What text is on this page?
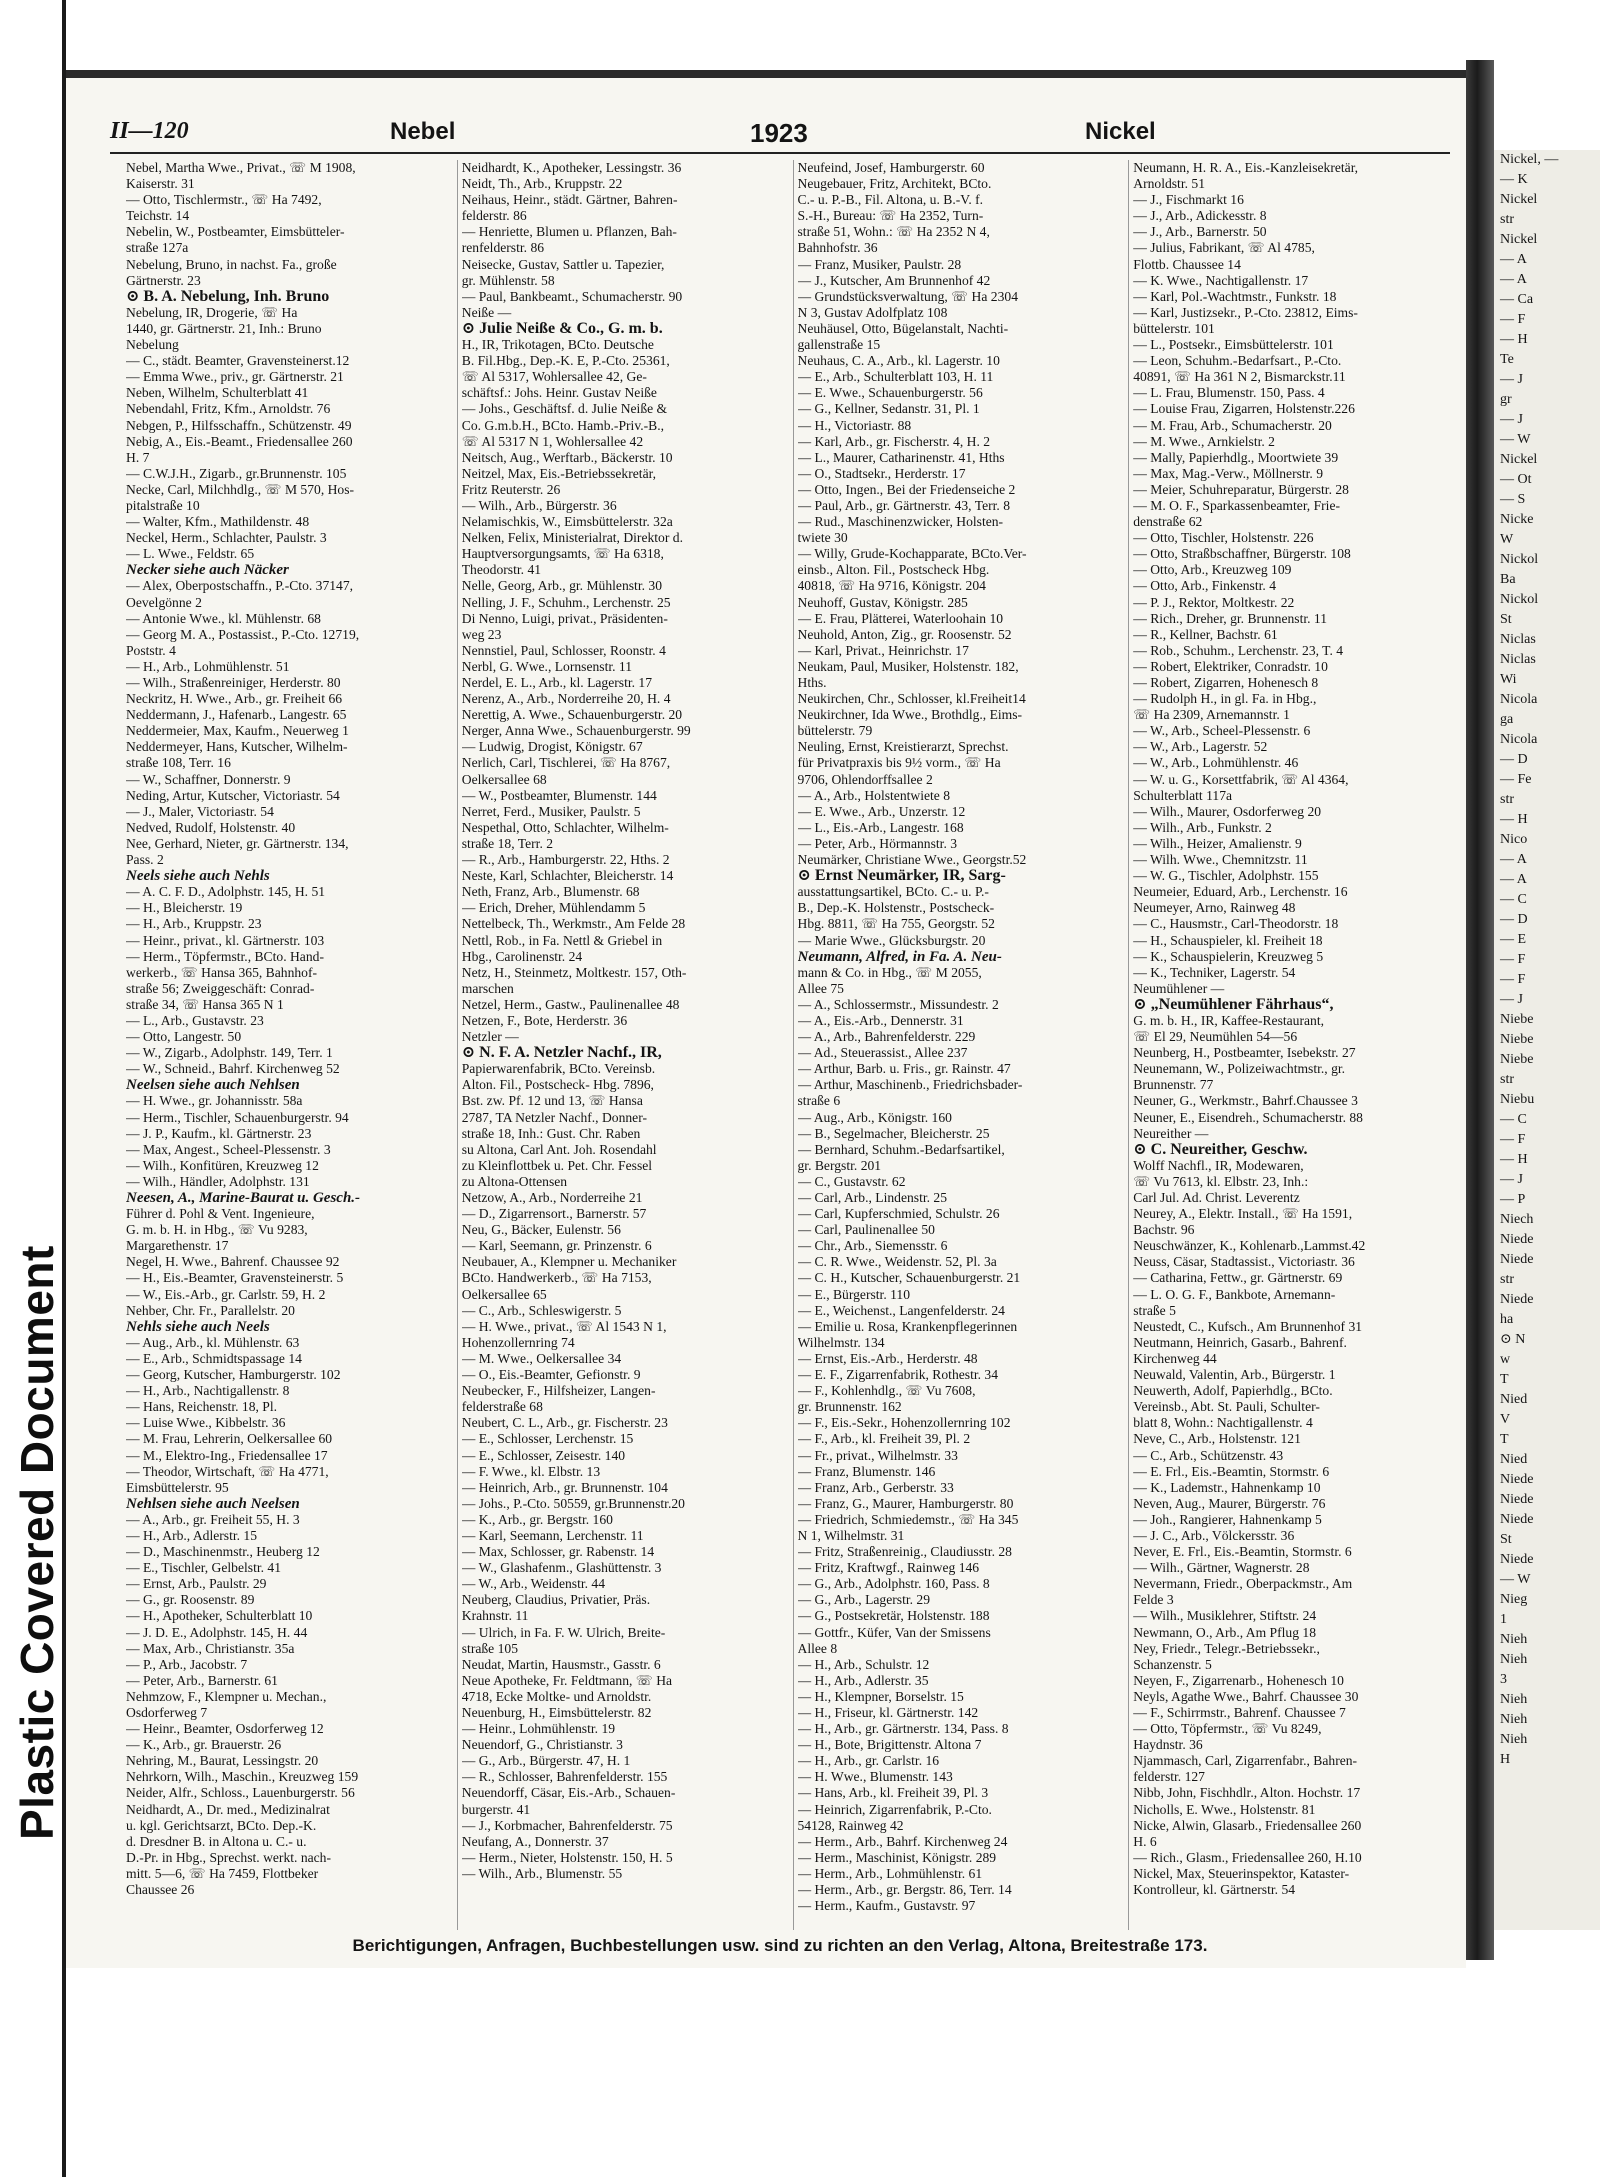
Plastic Covered Document
II—120	Nebel	1923	Nickel
Nebel, Martha Wwe., Privat., ☏ M 1908,
Kaiserstr. 31
— Otto, Tischlermstr., ☏ Ha 7492,
Teichstr. 14
Nebelin, W., Postbeamter, Eimsbütteler-
straße 127a
Nebelung, Bruno, in nachst. Fa., große
Gärtnerstr. 23
⊙ B. A. Nebelung, Inh. Bruno
Nebelung, IR, Drogerie, ☏ Ha
1440, gr. Gärtnerstr. 21, Inh.: Bruno
Nebelung
— C., städt. Beamter, Gravensteinerst.12
— Emma Wwe., priv., gr. Gärtnerstr. 21
Neben, Wilhelm, Schulterblatt 41
Nebendahl, Fritz, Kfm., Arnoldstr. 76
Nebgen, P., Hilfsschaffn., Schützenstr. 49
Nebig, A., Eis.-Beamt., Friedensallee 260
H. 7
— C.W.J.H., Zigarb., gr.Brunnenstr. 105
Necke, Carl, Milchhdlg., ☏ M 570, Hos-
pitalstraße 10
— Walter, Kfm., Mathildenstr. 48
Neckel, Herm., Schlachter, Paulstr. 3
— L. Wwe., Feldstr. 65
Necker siehe auch Näcker
— Alex, Oberpostschaffn., P.-Cto. 37147,
Oevelgönne 2
— Antonie Wwe., kl. Mühlenstr. 68
— Georg M. A., Postassist., P.-Cto. 12719,
Poststr. 4
— H., Arb., Lohmühlenstr. 51
— Wilh., Straßenreiniger, Herderstr. 80
Neckritz, H. Wwe., Arb., gr. Freiheit 66
Neddermann, J., Hafenarb., Langestr. 65
Neddermeier, Max, Kaufm., Neuerweg 1
Neddermeyer, Hans, Kutscher, Wilhelm-
straße 108, Terr. 16
— W., Schaffner, Donnerstr. 9
Neding, Artur, Kutscher, Victoriastr. 54
— J., Maler, Victoriastr. 54
Nedved, Rudolf, Holstenstr. 40
Nee, Gerhard, Nieter, gr. Gärtnerstr. 134,
Pass. 2
Neels siehe auch Nehls
— A. C. F. D., Adolphstr. 145, H. 51
— H., Bleicherstr. 19
— H., Arb., Kruppstr. 23
— Heinr., privat., kl. Gärtnerstr. 103
— Herm., Töpfermstr., BCto. Hand-
werkerb., ☏ Hansa 365, Bahnhof-
straße 56; Zweiggeschäft: Conrad-
straße 34, ☏ Hansa 365 N 1
— L., Arb., Gustavstr. 23
— Otto, Langestr. 50
— W., Zigarb., Adolphstr. 149, Terr. 1
— W., Schneid., Bahrf. Kirchenweg 52
Neelsen siehe auch Nehlsen
— H. Wwe., gr. Johannisstr. 58a
— Herm., Tischler, Schauenburgerstr. 94
— J. P., Kaufm., kl. Gärtnerstr. 23
— Max, Angest., Scheel-Plessenstr. 3
— Wilh., Konfitüren, Kreuzweg 12
— Wilh., Händler, Adolphstr. 131
Neesen, A., Marine-Baurat u. Gesch.-
Führer d. Pohl & Vent. Ingenieure,
G. m. b. H. in Hbg., ☏ Vu 9283,
Margarethenstr. 17
Negel, H. Wwe., Bahrenf. Chaussee 92
— H., Eis.-Beamter, Gravensteinerstr. 5
— W., Eis.-Arb., gr. Carlstr. 59, H. 2
Nehber, Chr. Fr., Parallelstr. 20
Nehls siehe auch Neels
— Aug., Arb., kl. Mühlenstr. 63
— E., Arb., Schmidtspassage 14
— Georg, Kutscher, Hamburgerstr. 102
— H., Arb., Nachtigallenstr. 8
— Hans, Reichenstr. 18, Pl.
— Luise Wwe., Kibbelstr. 36
— M. Frau, Lehrerin, Oelkersallee 60
— M., Elektro-Ing., Friedensallee 17
— Theodor, Wirtschaft, ☏ Ha 4771,
Eimsbüttelerstr. 95
Nehlsen siehe auch Neelsen
— A., Arb., gr. Freiheit 55, H. 3
— H., Arb., Adlerstr. 15
— D., Maschinenmstr., Heuberg 12
— E., Tischler, Gelbelstr. 41
— Ernst, Arb., Paulstr. 29
— G., gr. Roosenstr. 89
— H., Apotheker, Schulterblatt 10
— J. D. E., Adolphstr. 145, H. 44
— Max, Arb., Christianstr. 35a
— P., Arb., Jacobstr. 7
— Peter, Arb., Barnerstr. 61
Nehmzow, F., Klempner u. Mechan.,
Osdorferweg 7
— Heinr., Beamter, Osdorferweg 12
— K., Arb., gr. Brauerstr. 26
Nehring, M., Baurat, Lessingstr. 20
Nehrkorn, Wilh., Maschin., Kreuzweg 159
Neider, Alfr., Schloss., Lauenburgerstr. 56
Neidhardt, A., Dr. med., Medizinalrat
u. kgl. Gerichtsarzt, BCto. Dep.-K.
d. Dresdner B. in Altona u. C.- u.
D.-Pr. in Hbg., Sprechst. werkt. nach-
mitt. 5—6, ☏ Ha 7459, Flottbeker
Chaussee 26
Neidhardt, K., Apotheker, Lessingstr. 36
Neidt, Th., Arb., Kruppstr. 22
Neihaus, Heinr., städt. Gärtner, Bahren-
felderstr. 86
— Henriette, Blumen u. Pflanzen, Bah-
renfelderstr. 86
Neisecke, Gustav, Sattler u. Tapezier,
gr. Mühlenstr. 58
— Paul, Bankbeamt., Schumacherstr. 90
Neiße —
⊙ Julie Neiße & Co., G. m. b.
H., IR, Trikotagen, BCto. Deutsche
B. Fil.Hbg., Dep.-K. E, P.-Cto. 25361,
☏ Al 5317, Wohlersallee 42, Ge-
schäftsf.: Johs. Heinr. Gustav Neiße
— Johs., Geschäftsf. d. Julie Neiße &
Co. G.m.b.H., BCto. Hamb.-Priv.-B.,
☏ Al 5317 N 1, Wohlersallee 42
Neitsch, Aug., Werftarb., Bäckerstr. 10
Neitzel, Max, Eis.-Betriebssekretär,
Fritz Reuterstr. 26
— Wilh., Arb., Bürgerstr. 36
Nelamischkis, W., Eimsbüttelerstr. 32a
Nelken, Felix, Ministerialrat, Direktor d.
Hauptversorgungsamts, ☏ Ha 6318,
Theodorstr. 41
Nelle, Georg, Arb., gr. Mühlenstr. 30
Nelling, J. F., Schuhm., Lerchenstr. 25
Di Nenno, Luigi, privat., Präsidenten-
weg 23
Nennstiel, Paul, Schlosser, Roonstr. 4
Nerbl, G. Wwe., Lornsenstr. 11
Nerdel, E. L., Arb., kl. Lagerstr. 17
Nerenz, A., Arb., Norderreihe 20, H. 4
Nerettig, A. Wwe., Schauenburgerstr. 20
Nerger, Anna Wwe., Schauenburgerstr. 99
— Ludwig, Drogist, Königstr. 67
Nerlich, Carl, Tischlerei, ☏ Ha 8767,
Oelkersallee 68
— W., Postbeamter, Blumenstr. 144
Nerret, Ferd., Musiker, Paulstr. 5
Nespethal, Otto, Schlachter, Wilhelm-
straße 18, Terr. 2
— R., Arb., Hamburgerstr. 22, Hths. 2
Neste, Karl, Schlachter, Bleicherstr. 14
Neth, Franz, Arb., Blumenstr. 68
— Erich, Dreher, Mühlendamm 5
Nettelbeck, Th., Werkmstr., Am Felde 28
Nettl, Rob., in Fa. Nettl & Griebel in
Hbg., Carolinenstr. 24
Netz, H., Steinmetz, Moltkestr. 157, Oth-
marschen
Netzel, Herm., Gastw., Paulinenallee 48
Netzen, F., Bote, Herderstr. 36
Netzler —
⊙ N. F. A. Netzler Nachf., IR,
Papierwarenfabrik, BCto. Vereinsb.
Alton. Fil., Postscheck- Hbg. 7896,
Bst. zw. Pf. 12 und 13, ☏ Hansa
2787, TA Netzler Nachf., Donner-
straße 18, Inh.: Gust. Chr. Raben
su Altona, Carl Ant. Joh. Rosendahl
zu Kleinflottbek u. Pet. Chr. Fessel
zu Altona-Ottensen
Netzow, A., Arb., Norderreihe 21
— D., Zigarrensort., Barnerstr. 57
Neu, G., Bäcker, Eulenstr. 56
— Karl, Seemann, gr. Prinzenstr. 6
Neubauer, A., Klempner u. Mechaniker
BCto. Handwerkerb., ☏ Ha 7153,
Oelkersallee 65
— C., Arb., Schleswigerstr. 5
— H. Wwe., privat., ☏ Al 1543 N 1,
Hohenzollernring 74
— M. Wwe., Oelkersallee 34
— O., Eis.-Beamter, Gefionstr. 9
Neubecker, F., Hilfsheizer, Langen-
felderstraße 68
Neubert, C. L., Arb., gr. Fischerstr. 23
— E., Schlosser, Lerchenstr. 15
— E., Schlosser, Zeisestr. 140
— F. Wwe., kl. Elbstr. 13
— Heinrich, Arb., gr. Brunnenstr. 104
— Johs., P.-Cto. 50559, gr.Brunnenstr.20
— K., Arb., gr. Bergstr. 160
— Karl, Seemann, Lerchenstr. 11
— Max, Schlosser, gr. Rabenstr. 14
— W., Glashafenm., Glashüttenstr. 3
— W., Arb., Weidenstr. 44
Neuberg, Claudius, Privatier, Präs.
Krahnstr. 11
— Ulrich, in Fa. F. W. Ulrich, Breite-
straße 105
Neudat, Martin, Hausmstr., Gasstr. 6
Neue Apotheke, Fr. Feldtmann, ☏ Ha
4718, Ecke Moltke- und Arnoldstr.
Neuenburg, H., Eimsbüttelerstr. 82
— Heinr., Lohmühlenstr. 19
Neuendorf, G., Christianstr. 3
— G., Arb., Bürgerstr. 47, H. 1
— R., Schlosser, Bahrenfelderstr. 155
Neuendorff, Cäsar, Eis.-Arb., Schauen-
burgerstr. 41
— J., Korbmacher, Bahrenfelderstr. 75
Neufang, A., Donnerstr. 37
— Herm., Nieter, Holstenstr. 150, H. 5
— Wilh., Arb., Blumenstr. 55
Neufeind, Josef, Hamburgerstr. 60
Neugebauer, Fritz, Architekt, BCto.
C.- u. P.-B., Fil. Altona, u. B.-V. f.
S.-H., Bureau: ☏ Ha 2352, Turn-
straße 51, Wohn.: ☏ Ha 2352 N 4,
Bahnhofstr. 36
— Franz, Musiker, Paulstr. 28
— J., Kutscher, Am Brunnenhof 42
— Grundstücksverwaltung, ☏ Ha 2304
N 3, Gustav Adolfplatz 108
Neuhäusel, Otto, Bügelanstalt, Nachti-
gallenstraße 15
Neuhaus, C. A., Arb., kl. Lagerstr. 10
— E., Arb., Schulterblatt 103, H. 11
— E. Wwe., Schauenburgerstr. 56
— G., Kellner, Sedanstr. 31, Pl. 1
— H., Victoriastr. 88
— Karl, Arb., gr. Fischerstr. 4, H. 2
— L., Maurer, Catharinenstr. 41, Hths
— O., Stadtsekr., Herderstr. 17
— Otto, Ingen., Bei der Friedenseiche 2
— Paul, Arb., gr. Gärtnerstr. 43, Terr. 8
— Rud., Maschinenzwicker, Holsten-
twiete 30
— Willy, Grude-Kochapparate, BCto.Ver-
einsb., Alton. Fil., Postscheck Hbg.
40818, ☏ Ha 9716, Königstr. 204
Neuhoff, Gustav, Königstr. 285
— E. Frau, Plätterei, Waterloohain 10
Neuhold, Anton, Zig., gr. Roosenstr. 52
— Karl, Privat., Heinrichstr. 17
Neukam, Paul, Musiker, Holstenstr. 182,
Hths.
Neukirchen, Chr., Schlosser, kl.Freiheit14
Neukirchner, Ida Wwe., Brothdlg., Eims-
büttelerstr. 79
Neuling, Ernst, Kreistierarzt, Sprechst.
für Privatpraxis bis 9½ vorm., ☏ Ha
9706, Ohlendorffsallee 2
— A., Arb., Holstentwiete 8
— E. Wwe., Arb., Unzerstr. 12
— L., Eis.-Arb., Langestr. 168
— Peter, Arb., Hörmannstr. 3
Neumärker, Christiane Wwe., Georgstr.52
⊙ Ernst Neumärker, IR, Sarg-
ausstattungsartikel, BCto. C.- u. P.-
B., Dep.-K. Holstenstr., Postscheck-
Hbg. 8811, ☏ Ha 755, Georgstr. 52
— Marie Wwe., Glücksburgstr. 20
Neumann, Alfred, in Fa. A. Neu-
mann & Co. in Hbg., ☏ M 2055,
Allee 75
— A., Schlossermstr., Missundestr. 2
— A., Eis.-Arb., Dennerstr. 31
— A., Arb., Bahrenfelderstr. 229
— Ad., Steuerassist., Allee 237
— Arthur, Barb. u. Fris., gr. Rainstr. 47
— Arthur, Maschinenb., Friedrichsbader-
straße 6
— Aug., Arb., Königstr. 160
— B., Segelmacher, Bleicherstr. 25
— Bernhard, Schuhm.-Bedarfsartikel,
gr. Bergstr. 201
— C., Gustavstr. 62
— Carl, Arb., Lindenstr. 25
— Carl, Kupferschmied, Schulstr. 26
— Carl, Paulinenallee 50
— Chr., Arb., Siemensstr. 6
— C. R. Wwe., Weidenstr. 52, Pl. 3a
— C. H., Kutscher, Schauenburgerstr. 21
— E., Bürgerstr. 110
— E., Weichenst., Langenfelderstr. 24
— Emilie u. Rosa, Krankenpflegerinnen
Wilhelmstr. 134
— Ernst, Eis.-Arb., Herderstr. 48
— E. F., Zigarrenfabrik, Rothestr. 34
— F., Kohlenhdlg., ☏ Vu 7608,
gr. Brunnenstr. 162
— F., Eis.-Sekr., Hohenzollernring 102
— F., Arb., kl. Freiheit 39, Pl. 2
— Fr., privat., Wilhelmstr. 33
— Franz, Blumenstr. 146
— Franz, Arb., Gerberstr. 33
— Franz, G., Maurer, Hamburgerstr. 80
— Friedrich, Schmiedemstr., ☏ Ha 345
N 1, Wilhelmstr. 31
— Fritz, Straßenreinig., Claudiusstr. 28
— Fritz, Kraftwgf., Rainweg 146
— G., Arb., Adolphstr. 160, Pass. 8
— G., Arb., Lagerstr. 29
— G., Postsekretär, Holstenstr. 188
— Gottfr., Küfer, Van der Smissens
Allee 8
— H., Arb., Schulstr. 12
— H., Arb., Adlerstr. 35
— H., Klempner, Borselstr. 15
— H., Friseur, kl. Gärtnerstr. 142
— H., Arb., gr. Gärtnerstr. 134, Pass. 8
— H., Bote, Brigittenstr. Altona 7
— H., Arb., gr. Carlstr. 16
— H. Wwe., Blumenstr. 143
— Hans, Arb., kl. Freiheit 39, Pl. 3
— Heinrich, Zigarrenfabrik, P.-Cto.
54128, Rainweg 42
— Herm., Arb., Bahrf. Kirchenweg 24
— Herm., Maschinist, Königstr. 289
— Herm., Arb., Lohmühlenstr. 61
— Herm., Arb., gr. Bergstr. 86, Terr. 14
— Herm., Kaufm., Gustavstr. 97
Neumann, H. R. A., Eis.-Kanzleisekretär,
Arnoldstr. 51
— J., Fischmarkt 16
— J., Arb., Adickesstr. 8
— J., Arb., Barnerstr. 50
— Julius, Fabrikant, ☏ Al 4785,
Flottb. Chaussee 14
— K. Wwe., Nachtigallenstr. 17
— Karl, Pol.-Wachtmstr., Funkstr. 18
— Karl, Justizsekr., P.-Cto. 23812, Eims-
büttelerstr. 101
— L., Postsekr., Eimsbüttelerstr. 101
— Leon, Schuhm.-Bedarfsart., P.-Cto.
40891, ☏ Ha 361 N 2, Bismarckstr.11
— L. Frau, Blumenstr. 150, Pass. 4
— Louise Frau, Zigarren, Holstenstr.226
— M. Frau, Arb., Schumacherstr. 20
— M. Wwe., Arnkielstr. 2
— Mally, Papierhdlg., Moortwiete 39
— Max, Mag.-Verw., Möllnerstr. 9
— Meier, Schuhreparatur, Bürgerstr. 28
— M. O. F., Sparkassenbeamter, Frie-
denstraße 62
— Otto, Tischler, Holstenstr. 226
— Otto, Straßbschaffner, Bürgerstr. 108
— Otto, Arb., Kreuzweg 109
— Otto, Arb., Finkenstr. 4
— P. J., Rektor, Moltkestr. 22
— Rich., Dreher, gr. Brunnenstr. 11
— R., Kellner, Bachstr. 61
— Rob., Schuhm., Lerchenstr. 23, T. 4
— Robert, Elektriker, Conradstr. 10
— Robert, Zigarren, Hohenesch 8
— Rudolph H., in gl. Fa. in Hbg.,
☏ Ha 2309, Arnemannstr. 1
— W., Arb., Scheel-Plessenstr. 6
— W., Arb., Lagerstr. 52
— W., Arb., Lohmühlenstr. 46
— W. u. G., Korsettfabrik, ☏ Al 4364,
Schulterblatt 117a
— Wilh., Maurer, Osdorferweg 20
— Wilh., Arb., Funkstr. 2
— Wilh., Heizer, Amalienstr. 9
— Wilh. Wwe., Chemnitzstr. 11
— W. G., Tischler, Adolphstr. 155
Neumeier, Eduard, Arb., Lerchenstr. 16
Neumeyer, Arno, Rainweg 48
— C., Hausmstr., Carl-Theodorstr. 18
— H., Schauspieler, kl. Freiheit 18
— K., Schauspielerin, Kreuzweg 5
— K., Techniker, Lagerstr. 54
Neumühlener —
⊙ „Neumühlener Fährhaus“,
G. m. b. H., IR, Kaffee-Restaurant,
☏ El 29, Neumühlen 54—56
Neunberg, H., Postbeamter, Isebekstr. 27
Neunemann, W., Polizeiwachtmstr., gr.
Brunnenstr. 77
Neuner, G., Werkmstr., Bahrf.Chaussee 3
Neuner, E., Eisendreh., Schumacherstr. 88
Neureither —
⊙ C. Neureither, Geschw.
Wolff Nachfl., IR, Modewaren,
☏ Vu 7613, kl. Elbstr. 23, Inh.:
Carl Jul. Ad. Christ. Leverentz
Neurey, A., Elektr. Install., ☏ Ha 1591,
Bachstr. 96
Neuschwänzer, K., Kohlenarb.,Lammst.42
Neuss, Cäsar, Stadtassist., Victoriastr. 36
— Catharina, Fettw., gr. Gärtnerstr. 69
— L. O. G. F., Bankbote, Arnemann-
straße 5
Neustedt, C., Kufsch., Am Brunnenhof 31
Neutmann, Heinrich, Gasarb., Bahrenf.
Kirchenweg 44
Neuwald, Valentin, Arb., Bürgerstr. 1
Neuwerth, Adolf, Papierhdlg., BCto.
Vereinsb., Abt. St. Pauli, Schulter-
blatt 8, Wohn.: Nachtigallenstr. 4
Neve, C., Arb., Holstenstr. 121
— C., Arb., Schützenstr. 43
— E. Frl., Eis.-Beamtin, Stormstr. 6
— K., Lademstr., Hahnenkamp 10
Neven, Aug., Maurer, Bürgerstr. 76
— Joh., Rangierer, Hahnenkamp 5
— J. C., Arb., Völckersstr. 36
Never, E. Frl., Eis.-Beamtin, Stormstr. 6
— Wilh., Gärtner, Wagnerstr. 28
Nevermann, Friedr., Oberpackmstr., Am
Felde 3
— Wilh., Musiklehrer, Stiftstr. 24
Newmann, O., Arb., Am Pflug 18
Ney, Friedr., Telegr.-Betriebssekr.,
Schanzenstr. 5
Neyen, F., Zigarrenarb., Hohenesch 10
Neyls, Agathe Wwe., Bahrf. Chaussee 30
— F., Schirrmstr., Bahrenf. Chaussee 7
— Otto, Töpfermstr., ☏ Vu 8249,
Haydnstr. 36
Njammasch, Carl, Zigarrenfabr., Bahren-
felderstr. 127
Nibb, John, Fischhdlr., Alton. Hochstr. 17
Nicholls, E. Wwe., Holstenstr. 81
Nicke, Alwin, Glasarb., Friedensallee 260
H. 6
— Rich., Glasm., Friedensallee 260, H.10
Nickel, Max, Steuerinspektor, Kataster-
Kontrolleur, kl. Gärtnerstr. 54
Berichtigungen, Anfragen, Buchbestellungen usw. sind zu richten an den Verlag, Altona, Breitestraße 173.
Nickel, —
— K
Nickel
str
Nickel
— A
— A
— Ca
— F
— H
Te
— J
gr
— J
— W
Nickel
— Ot
— S
Nicke
W
Nickol
Ba
Nickol
St
Niclas
Niclas
Wi
Nicola
ga
Nicola
— D
— Fe
str
— H
Nico
— A
— A
— C
— D
— E
— F
— F
— J
Niebe
Niebe
Niebe
str
Niebu
— C
— F
— H
— J
— P
Niech
Niede
Niede
str
Niede
ha
⊙ N
w
T
Nied
V
T
Nied
Niede
Niede
Niede
St
Niede
— W
Nieg
1
Nieh
Nieh
3
Nieh
Nieh
Nieh
H
